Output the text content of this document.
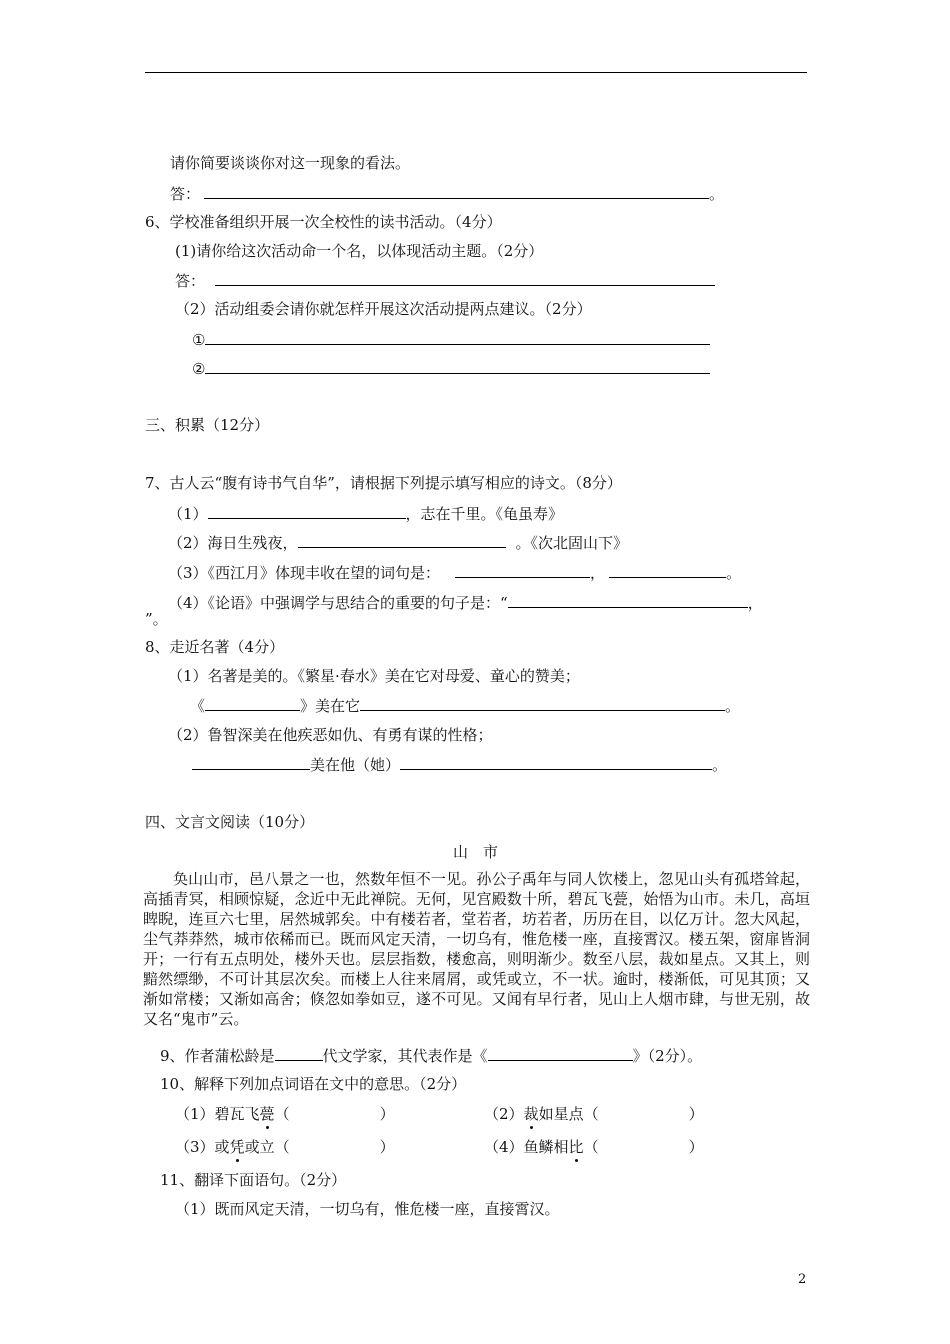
请你简要谈谈你对这一现象的看法。
答：	。
6、学校准备组织开展一次全校性的读书活动。（4分）
(1)请你给这次活动命一个名，以体现活动主题。（2分）
答：
（2）活动组委会请你就怎样开展这次活动提两点建议。（2分）
①
②
三、积累（12分）
7、古人云“腹有诗书气自华”，请根据下列提示填写相应的诗文。（8分）
（1）	，志在千里。《龟虽寿》
（2）海日生残夜，	。《次北固山下》
（3）《西江月》体现丰收在望的词句是：	，	。
（4）《论语》中强调学与思结合的重要的句子是：“	，
”。
8、走近名著（4分）
（1）名著是美的。《繁星·春水》美在它对母爱、童心的赞美；
《	》美在它	。
（2）鲁智深美在他疾恶如仇、有勇有谋的性格；
美在他（她）	。
四、文言文阅读（10分）
山　市
奂山山市，邑八景之一也，然数年恒不一见。孙公子禹年与同人饮楼上，忽见山头有孤塔耸起，高插青冥，相顾惊疑，念近中无此禅院。无何，见宫殿数十所，碧瓦飞甍，始悟为山市。未几，高垣睥睨，连亘六七里，居然城郭矣。中有楼若者，堂若者，坊若者，历历在目，以亿万计。忽大风起，尘气莽莽然，城市依稀而已。既而风定天清，一切乌有，惟危楼一座，直接霄汉。楼五架，窗扉皆洞开；一行有五点明处，楼外天也。层层指数，楼愈高，则明渐少。数至八层，裁如星点。又其上，则黯然缥缈，不可计其层次矣。而楼上人往来屑屑，或凭或立，不一状。逾时，楼渐低，可见其顶；又渐如常楼；又渐如高舍；倏忽如拳如豆，遂不可见。又闻有早行者，见山上人烟市肆，与世无别，故又名“鬼市”云。
9、作者蒲松龄是	代文学家，其代表作是《	》（2分）。
10、解释下列加点词语在文中的意思。（2分）
（1）碧瓦飞甍（　　　　　　）	（2）裁如星点（　　　　　　）
（3）或凭或立（　　　　　　）	（4）鱼鳞相比（　　　　　　）
11、翻译下面语句。（2分）
（1）既而风定天清，一切乌有，惟危楼一座，直接霄汉。
2
